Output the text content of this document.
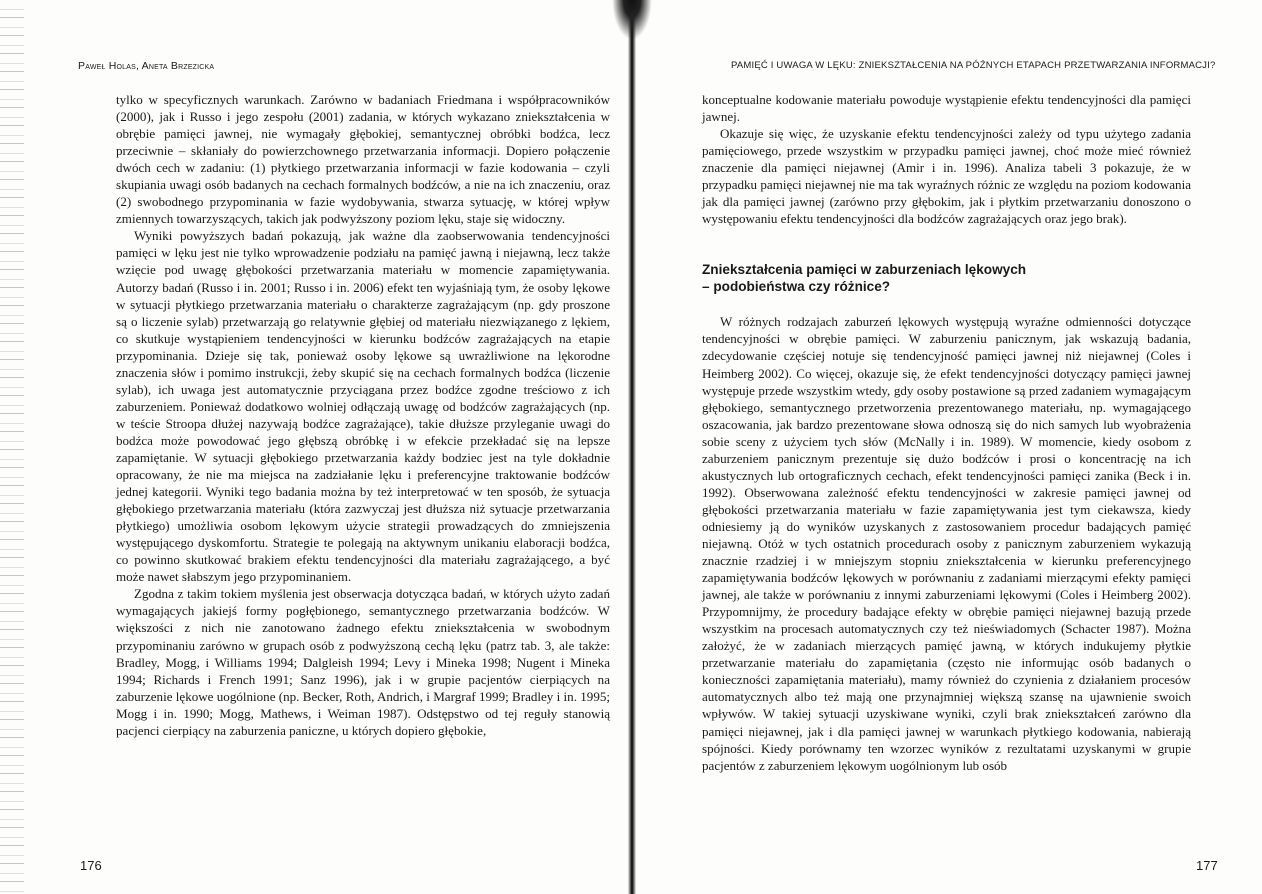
Paweł Holas, Aneta Brzezicka

tylko w specyficznych warunkach. Zarówno w badaniach Friedmana i współpracowników (2000), jak i Russo i jego zespołu (2001) zadania, w których wykazano zniekształcenia w obrębie pamięci jawnej, nie wymagały głębokiej, semantycznej obróbki bodźca, lecz przeciwnie – skłaniały do powierzchownego przetwarzania informacji. Dopiero połączenie dwóch cech w zadaniu: (1) płytkiego przetwarzania informacji w fazie kodowania – czyli skupiania uwagi osób badanych na cechach formalnych bodźców, a nie na ich znaczeniu, oraz (2) swobodnego przypominania w fazie wydobywania, stwarza sytuację, w której wpływ zmiennych towarzyszących, takich jak podwyższony poziom lęku, staje się widoczny.

Wyniki powyższych badań pokazują, jak ważne dla zaobserwowania tendencyjności pamięci w lęku jest nie tylko wprowadzenie podziału na pamięć jawną i niejawną, lecz także wzięcie pod uwagę głębokości przetwarzania materiału w momencie zapamiętywania. Autorzy badań (Russo i in. 2001; Russo i in. 2006) efekt ten wyjaśniają tym, że osoby lękowe w sytuacji płytkiego przetwarzania materiału o charakterze zagrażającym (np. gdy proszone są o liczenie sylab) przetwarzają go relatywnie głębiej od materiału niezwiązanego z lękiem, co skutkuje wystąpieniem tendencyjności w kierunku bodźców zagrażających na etapie przypominania. Dzieje się tak, ponieważ osoby lękowe są uwrażliwione na lękorodne znaczenia słów i pomimo instrukcji, żeby skupić się na cechach formalnych bodźca (liczenie sylab), ich uwaga jest automatycznie przyciągana przez bodźce zgodne treściowo z ich zaburzeniem. Ponieważ dodatkowo wolniej odłączają uwagę od bodźców zagrażających (np. w teście Stroopa dłużej nazywają bodźce zagrażające), takie dłuższe przyleganie uwagi do bodźca może powodować jego głębszą obróbkę i w efekcie przekładać się na lepsze zapamiętanie. W sytuacji głębokiego przetwarzania każdy bodziec jest na tyle dokładnie opracowany, że nie ma miejsca na zadziałanie lęku i preferencyjne traktowanie bodźców jednej kategorii. Wyniki tego badania można by też interpretować w ten sposób, że sytuacja głębokiego przetwarzania materiału (która zazwyczaj jest dłuższa niż sytuacje przetwarzania płytkiego) umożliwia osobom lękowym użycie strategii prowadzących do zmniejszenia występującego dyskomfortu. Strategie te polegają na aktywnym unikaniu elaboracji bodźca, co powinno skutkować brakiem efektu tendencyjności dla materiału zagrażającego, a być może nawet słabszym jego przypominaniem.

Zgodna z takim tokiem myślenia jest obserwacja dotycząca badań, w których użyto zadań wymagających jakiejś formy pogłębionego, semantycznego przetwarzania bodźców. W większości z nich nie zanotowano żadnego efektu zniekształcenia w swobodnym przypominaniu zarówno w grupach osób z podwyższoną cechą lęku (patrz tab. 3, ale także: Bradley, Mogg, i Williams 1994; Dalgleish 1994; Levy i Mineka 1998; Nugent i Mineka 1994; Richards i French 1991; Sanz 1996), jak i w grupie pacjentów cierpiących na zaburzenie lękowe uogólnione (np. Becker, Roth, Andrich, i Margraf 1999; Bradley i in. 1995; Mogg i in. 1990; Mogg, Mathews, i Weiman 1987). Odstępstwo od tej reguły stanowią pacjenci cierpiący na zaburzenia paniczne, u których dopiero głębokie,

176
PAMIĘĆ I UWAGA W LĘKU: ZNIEKSZTAŁCENIA NA PÓŹNYCH ETAPACH PRZETWARZANIA INFORMACJI?

konceptualne kodowanie materiału powoduje wystąpienie efektu tendencyjności dla pamięci jawnej.

Okazuje się więc, że uzyskanie efektu tendencyjności zależy od typu użytego zadania pamięciowego, przede wszystkim w przypadku pamięci jawnej, choć może mieć również znaczenie dla pamięci niejawnej (Amir i in. 1996). Analiza tabeli 3 pokazuje, że w przypadku pamięci niejawnej nie ma tak wyraźnych różnic ze względu na poziom kodowania jak dla pamięci jawnej (zarówno przy głębokim, jak i płytkim przetwarzaniu donoszono o występowaniu efektu tendencyjności dla bodźców zagrażających oraz jego brak).

Zniekształcenia pamięci w zaburzeniach lękowych
– podobieństwa czy różnice?

W różnych rodzajach zaburzeń lękowych występują wyraźne odmienności dotyczące tendencyjności w obrębie pamięci. W zaburzeniu panicznym, jak wskazują badania, zdecydowanie częściej notuje się tendencyjność pamięci jawnej niż niejawnej (Coles i Heimberg 2002). Co więcej, okazuje się, że efekt tendencyjności dotyczący pamięci jawnej występuje przede wszystkim wtedy, gdy osoby postawione są przed zadaniem wymagającym głębokiego, semantycznego przetworzenia prezentowanego materiału, np. wymagającego oszacowania, jak bardzo prezentowane słowa odnoszą się do nich samych lub wyobrażenia sobie sceny z użyciem tych słów (McNally i in. 1989). W momencie, kiedy osobom z zaburzeniem panicznym prezentuje się dużo bodźców i prosi o koncentrację na ich akustycznych lub ortograficznych cechach, efekt tendencyjności pamięci zanika (Beck i in. 1992). Obserwowana zależność efektu tendencyjności w zakresie pamięci jawnej od głębokości przetwarzania materiału w fazie zapamiętywania jest tym ciekawsza, kiedy odniesiemy ją do wyników uzyskanych z zastosowaniem procedur badających pamięć niejawną. Otóż w tych ostatnich procedurach osoby z panicznym zaburzeniem wykazują znacznie rzadziej i w mniejszym stopniu zniekształcenia w kierunku preferencyjnego zapamiętywania bodźców lękowych w porównaniu z zadaniami mierzącymi efekty pamięci jawnej, ale także w porównaniu z innymi zaburzeniami lękowymi (Coles i Heimberg 2002). Przypomnijmy, że procedury badające efekty w obrębie pamięci niejawnej bazują przede wszystkim na procesach automatycznych czy też nieświadomych (Schacter 1987). Można założyć, że w zadaniach mierzących pamięć jawną, w których indukujemy płytkie przetwarzanie materiału do zapamiętania (często nie informując osób badanych o konieczności zapamiętania materiału), mamy również do czynienia z działaniem procesów automatycznych albo też mają one przynajmniej większą szansę na ujawnienie swoich wpływów. W takiej sytuacji uzyskiwane wyniki, czyli brak zniekształceń zarówno dla pamięci niejawnej, jak i dla pamięci jawnej w warunkach płytkiego kodowania, nabierają spójności. Kiedy porównamy ten wzorzec wyników z rezultatami uzyskanymi w grupie pacjentów z zaburzeniem lękowym uogólnionym lub osób

177
